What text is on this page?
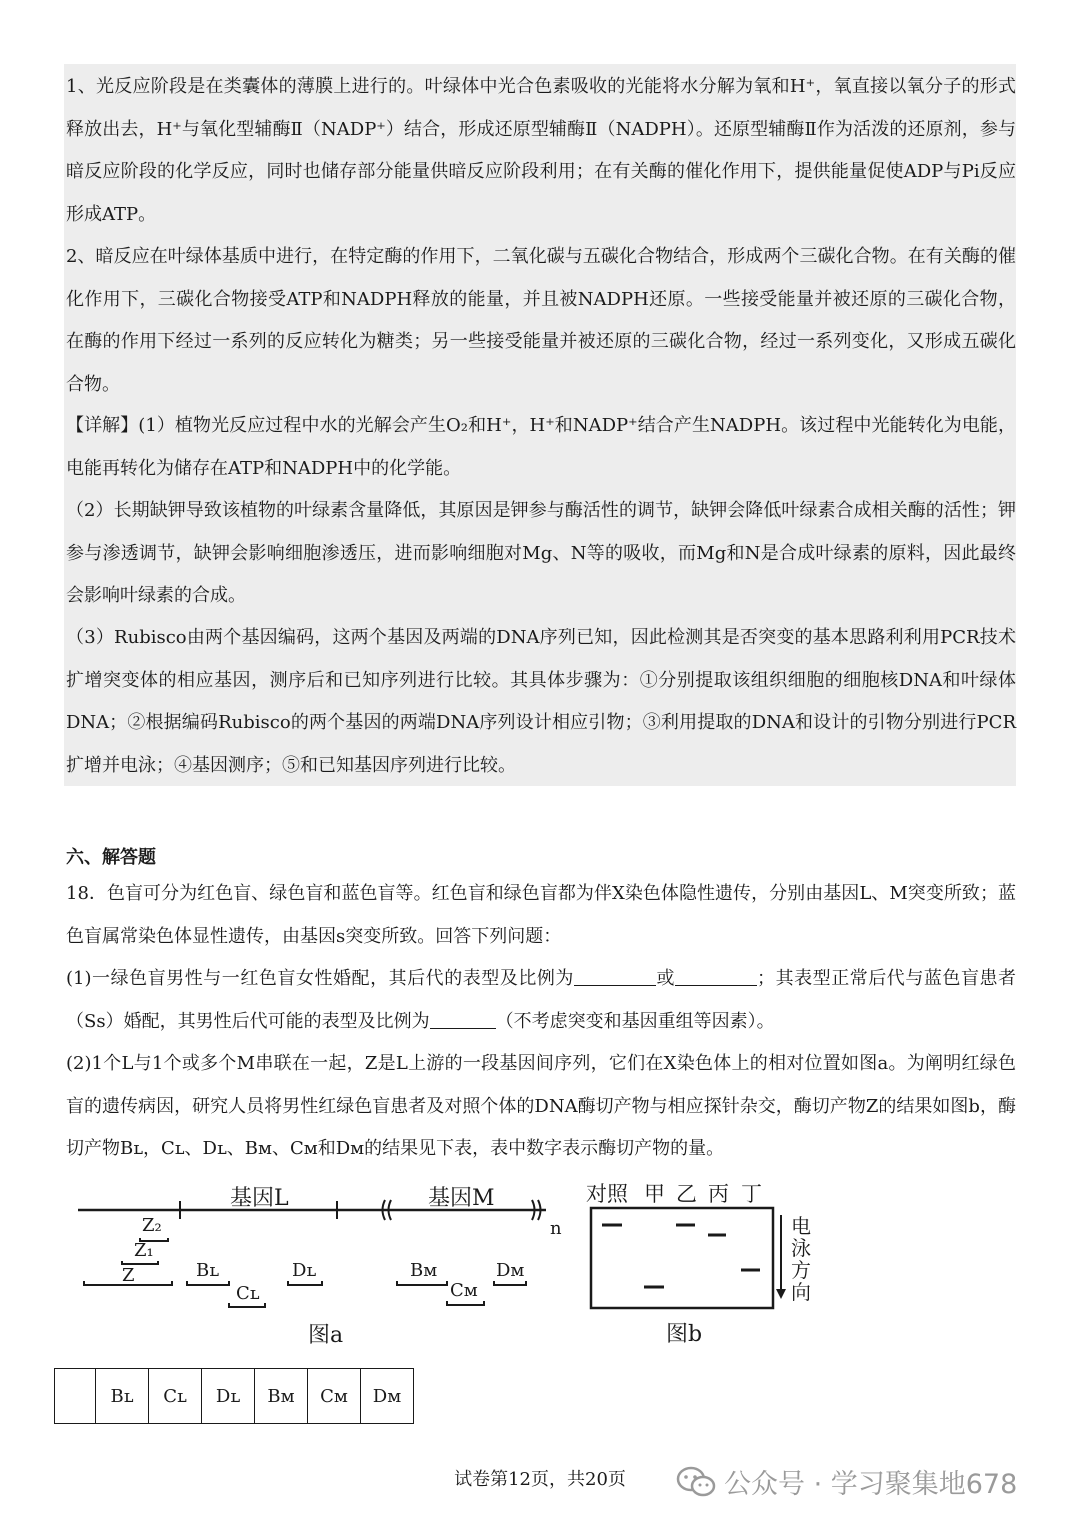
1、光反应阶段是在类囊体的薄膜上进行的。叶绿体中光合色素吸收的光能将水分解为氧和H⁺，氧直接以氧分子的形式释放出去，H⁺与氧化型辅酶Ⅱ（NADP⁺）结合，形成还原型辅酶Ⅱ（NADPH）。还原型辅酶Ⅱ作为活泼的还原剂，参与暗反应阶段的化学反应，同时也储存部分能量供暗反应阶段利用；在有关酶的催化作用下，提供能量促使ADP与Pi反应形成ATP。

2、暗反应在叶绿体基质中进行，在特定酶的作用下，二氧化碳与五碳化合物结合，形成两个三碳化合物。在有关酶的催化作用下，三碳化合物接受ATP和NADPH释放的能量，并且被NADPH还原。一些接受能量并被还原的三碳化合物，在酶的作用下经过一系列的反应转化为糖类；另一些接受能量并被还原的三碳化合物，经过一系列变化，又形成五碳化合物。

【详解】(1）植物光反应过程中水的光解会产生O₂和H⁺，H⁺和NADP⁺结合产生NADPH。该过程中光能转化为电能，电能再转化为储存在ATP和NADPH中的化学能。

（2）长期缺钾导致该植物的叶绿素含量降低，其原因是钾参与酶活性的调节，缺钾会降低叶绿素合成相关酶的活性；钾参与渗透调节，缺钾会影响细胞渗透压，进而影响细胞对Mg、N等的吸收，而Mg和N是合成叶绿素的原料，因此最终会影响叶绿素的合成。

（3）Rubisco由两个基因编码，这两个基因及两端的DNA序列已知，因此检测其是否突变的基本思路利利用PCR技术扩增突变体的相应基因，测序后和已知序列进行比较。其具体步骤为：①分别提取该组织细胞的细胞核DNA和叶绿体DNA；②根据编码Rubisco的两个基因的两端DNA序列设计相应引物；③利用提取的DNA和设计的引物分别进行PCR扩增并电泳；④基因测序；⑤和已知基因序列进行比较。

六、解答题

18．色盲可分为红色盲、绿色盲和蓝色盲等。红色盲和绿色盲都为伴X染色体隐性遗传，分别由基因L、M突变所致；蓝色盲属常染色体显性遗传，由基因s突变所致。回答下列问题：
(1)一绿色盲男性与一红色盲女性婚配，其后代的表型及比例为	或	；其表型正常后代与蓝色盲患者（Ss）婚配，其男性后代可能的表型及比例为	（不考虑突变和基因重组等因素）。
(2)1个L与1个或多个M串联在一起，Z是L上游的一段基因间序列，它们在X染色体上的相对位置如图a。为阐明红绿色盲的遗传病因，研究人员将男性红绿色盲患者及对照个体的DNA酶切产物与相应探针杂交，酶切产物Z的结果如图b，酶切产物Bʟ，Cʟ、Dʟ、Bᴍ、Cᴍ和Dᴍ的结果见下表，表中数字表示酶切产物的量。
基因L	基因M
n
Z₂
Z₁
Z	Bʟ
Cʟ
Dʟ	Bᴍ
Cᴍ
Dᴍ
图a
对照 甲 乙 丙 丁
电
泳
方
向
图b
	Bʟ	Cʟ	Dʟ	Bᴍ	Cᴍ	Dᴍ

试卷第12页，共20页	公众号 · 学习聚集地678
